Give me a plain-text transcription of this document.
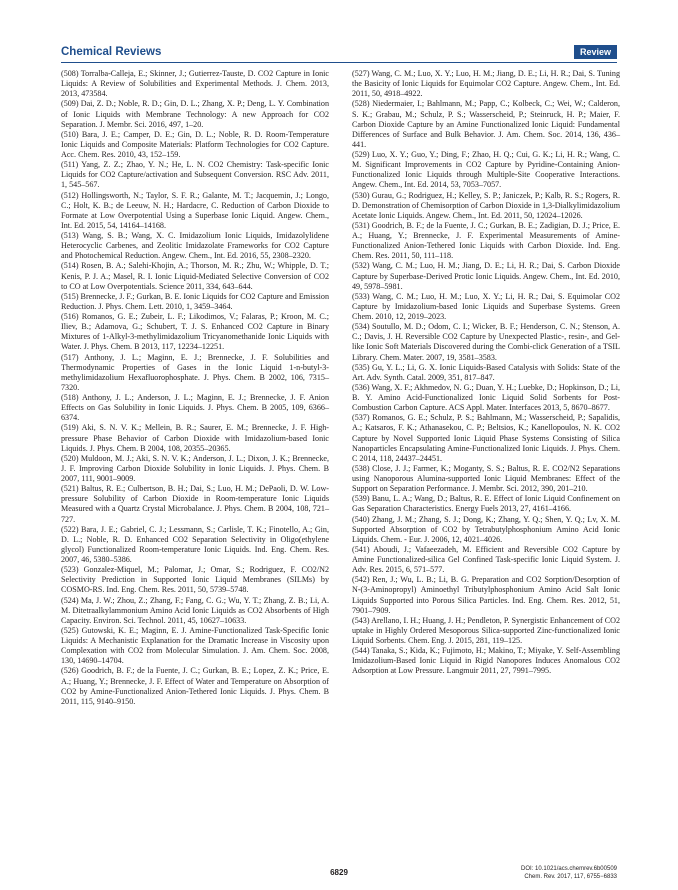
Chemical Reviews	Review

(508) Torralba-Calleja, E.; Skinner, J.; Gutierrez-Tauste, D. CO2 Capture in Ionic Liquids: A Review of Solubilities and Experimental Methods. J. Chem. 2013, 2013, 473584.

(509) Dai, Z. D.; Noble, R. D.; Gin, D. L.; Zhang, X. P.; Deng, L. Y. Combination of Ionic Liquids with Membrane Technology: A new Approach for CO2 Separation. J. Membr. Sci. 2016, 497, 1–20.

(510) Bara, J. E.; Camper, D. E.; Gin, D. L.; Noble, R. D. Room-Temperature Ionic Liquids and Composite Materials: Platform Technologies for CO2 Capture. Acc. Chem. Res. 2010, 43, 152–159.

(511) Yang, Z. Z.; Zhao, Y. N.; He, L. N. CO2 Chemistry: Task-specific Ionic Liquids for CO2 Capture/activation and Subsequent Conversion. RSC Adv. 2011, 1, 545–567.

(512) Hollingsworth, N.; Taylor, S. F. R.; Galante, M. T.; Jacquemin, J.; Longo, C.; Holt, K. B.; de Leeuw, N. H.; Hardacre, C. Reduction of Carbon Dioxide to Formate at Low Overpotential Using a Superbase Ionic Liquid. Angew. Chem., Int. Ed. 2015, 54, 14164–14168.

(513) Wang, S. B.; Wang, X. C. Imidazolium Ionic Liquids, Imidazolylidene Heterocyclic Carbenes, and Zeolitic Imidazolate Frameworks for CO2 Capture and Photochemical Reduction. Angew. Chem., Int. Ed. 2016, 55, 2308–2320.

(514) Rosen, B. A.; Salehi-Khojin, A.; Thorson, M. R.; Zhu, W.; Whipple, D. T.; Kenis, P. J. A.; Masel, R. I. Ionic Liquid-Mediated Selective Conversion of CO2 to CO at Low Overpotentials. Science 2011, 334, 643–644.

(515) Brennecke, J. F.; Gurkan, B. E. Ionic Liquids for CO2 Capture and Emission Reduction. J. Phys. Chem. Lett. 2010, 1, 3459–3464.

(516) Romanos, G. E.; Zubeir, L. F.; Likodimos, V.; Falaras, P.; Kroon, M. C.; Iliev, B.; Adamova, G.; Schubert, T. J. S. Enhanced CO2 Capture in Binary Mixtures of 1-Alkyl-3-methylimidazolium Tricyanomethanide Ionic Liquids with Water. J. Phys. Chem. B 2013, 117, 12234–12251.

(517) Anthony, J. L.; Maginn, E. J.; Brennecke, J. F. Solubilities and Thermodynamic Properties of Gases in the Ionic Liquid 1-n-butyl-3-methylimidazolium Hexafluorophosphate. J. Phys. Chem. B 2002, 106, 7315–7320.

(518) Anthony, J. L.; Anderson, J. L.; Maginn, E. J.; Brennecke, J. F. Anion Effects on Gas Solubility in Ionic Liquids. J. Phys. Chem. B 2005, 109, 6366–6374.

(519) Aki, S. N. V. K.; Mellein, B. R.; Saurer, E. M.; Brennecke, J. F. High-pressure Phase Behavior of Carbon Dioxide with Imidazolium-based Ionic Liquids. J. Phys. Chem. B 2004, 108, 20355–20365.

(520) Muldoon, M. J.; Aki, S. N. V. K.; Anderson, J. L.; Dixon, J. K.; Brennecke, J. F. Improving Carbon Dioxide Solubility in Ionic Liquids. J. Phys. Chem. B 2007, 111, 9001–9009.

(521) Baltus, R. E.; Culbertson, B. H.; Dai, S.; Luo, H. M.; DePaoli, D. W. Low-pressure Solubility of Carbon Dioxide in Room-temperature Ionic Liquids Measured with a Quartz Crystal Microbalance. J. Phys. Chem. B 2004, 108, 721–727.

(522) Bara, J. E.; Gabriel, C. J.; Lessmann, S.; Carlisle, T. K.; Finotello, A.; Gin, D. L.; Noble, R. D. Enhanced CO2 Separation Selectivity in Oligo(ethylene glycol) Functionalized Room-temperature Ionic Liquids. Ind. Eng. Chem. Res. 2007, 46, 5380–5386.

(523) Gonzalez-Miquel, M.; Palomar, J.; Omar, S.; Rodriguez, F. CO2/N2 Selectivity Prediction in Supported Ionic Liquid Membranes (SILMs) by COSMO-RS. Ind. Eng. Chem. Res. 2011, 50, 5739–5748.

(524) Ma, J. W.; Zhou, Z.; Zhang, F.; Fang, C. G.; Wu, Y. T.; Zhang, Z. B.; Li, A. M. Ditetraalkylammonium Amino Acid Ionic Liquids as CO2 Absorbents of High Capacity. Environ. Sci. Technol. 2011, 45, 10627–10633.

(525) Gutowski, K. E.; Maginn, E. J. Amine-Functionalized Task-Specific Ionic Liquids: A Mechanistic Explanation for the Dramatic Increase in Viscosity upon Complexation with CO2 from Molecular Simulation. J. Am. Chem. Soc. 2008, 130, 14690–14704.

(526) Goodrich, B. F.; de la Fuente, J. C.; Gurkan, B. E.; Lopez, Z. K.; Price, E. A.; Huang, Y.; Brennecke, J. F. Effect of Water and Temperature on Absorption of CO2 by Amine-Functionalized Anion-Tethered Ionic Liquids. J. Phys. Chem. B 2011, 115, 9140–9150.

(527) Wang, C. M.; Luo, X. Y.; Luo, H. M.; Jiang, D. E.; Li, H. R.; Dai, S. Tuning the Basicity of Ionic Liquids for Equimolar CO2 Capture. Angew. Chem., Int. Ed. 2011, 50, 4918–4922.

(528) Niedermaier, I.; Bahlmann, M.; Papp, C.; Kolbeck, C.; Wei, W.; Calderon, S. K.; Grabau, M.; Schulz, P. S.; Wasserscheid, P.; Steinruck, H. P.; Maier, F. Carbon Dioxide Capture by an Amine Functionalized Ionic Liquid: Fundamental Differences of Surface and Bulk Behavior. J. Am. Chem. Soc. 2014, 136, 436–441.

(529) Luo, X. Y.; Guo, Y.; Ding, F.; Zhao, H. Q.; Cui, G. K.; Li, H. R.; Wang, C. M. Significant Improvements in CO2 Capture by Pyridine-Containing Anion-Functionalized Ionic Liquids through Multiple-Site Cooperative Interactions. Angew. Chem., Int. Ed. 2014, 53, 7053–7057.

(530) Gurau, G.; Rodriguez, H.; Kelley, S. P.; Janiczek, P.; Kalb, R. S.; Rogers, R. D. Demonstration of Chemisorption of Carbon Dioxide in 1,3-Dialkylimidazolium Acetate Ionic Liquids. Angew. Chem., Int. Ed. 2011, 50, 12024–12026.

(531) Goodrich, B. F.; de la Fuente, J. C.; Gurkan, B. E.; Zadigian, D. J.; Price, E. A.; Huang, Y.; Brennecke, J. F. Experimental Measurements of Amine-Functionalized Anion-Tethered Ionic Liquids with Carbon Dioxide. Ind. Eng. Chem. Res. 2011, 50, 111–118.

(532) Wang, C. M.; Luo, H. M.; Jiang, D. E.; Li, H. R.; Dai, S. Carbon Dioxide Capture by Superbase-Derived Protic Ionic Liquids. Angew. Chem., Int. Ed. 2010, 49, 5978–5981.

(533) Wang, C. M.; Luo, H. M.; Luo, X. Y.; Li, H. R.; Dai, S. Equimolar CO2 Capture by Imidazolium-based Ionic Liquids and Superbase Systems. Green Chem. 2010, 12, 2019–2023.

(534) Soutullo, M. D.; Odom, C. I.; Wicker, B. F.; Henderson, C. N.; Stenson, A. C.; Davis, J. H. Reversible CO2 Capture by Unexpected Plastic-, resin-, and Gel-like Ionic Soft Materials Discovered during the Combi-click Generation of a TSIL Library. Chem. Mater. 2007, 19, 3581–3583.

(535) Gu, Y. L.; Li, G. X. Ionic Liquids-Based Catalysis with Solids: State of the Art. Adv. Synth. Catal. 2009, 351, 817–847.

(536) Wang, X. F.; Akhmedov, N. G.; Duan, Y. H.; Luebke, D.; Hopkinson, D.; Li, B. Y. Amino Acid-Functionalized Ionic Liquid Solid Sorbents for Post-Combustion Carbon Capture. ACS Appl. Mater. Interfaces 2013, 5, 8670–8677.

(537) Romanos, G. E.; Schulz, P. S.; Bahlmann, M.; Wasserscheid, P.; Sapalidis, A.; Katsaros, F. K.; Athanasekou, C. P.; Beltsios, K.; Kanellopoulos, N. K. CO2 Capture by Novel Supported Ionic Liquid Phase Systems Consisting of Silica Nanoparticles Encapsulating Amine-Functionalized Ionic Liquids. J. Phys. Chem. C 2014, 118, 24437–24451.

(538) Close, J. J.; Farmer, K.; Moganty, S. S.; Baltus, R. E. CO2/N2 Separations using Nanoporous Alumina-supported Ionic Liquid Membranes: Effect of the Support on Separation Performance. J. Membr. Sci. 2012, 390, 201–210.

(539) Banu, L. A.; Wang, D.; Baltus, R. E. Effect of Ionic Liquid Confinement on Gas Separation Characteristics. Energy Fuels 2013, 27, 4161–4166.

(540) Zhang, J. M.; Zhang, S. J.; Dong, K.; Zhang, Y. Q.; Shen, Y. Q.; Lv, X. M. Supported Absorption of CO2 by Tetrabutylphosphonium Amino Acid Ionic Liquids. Chem. - Eur. J. 2006, 12, 4021–4026.

(541) Aboudi, J.; Vafaeezadeh, M. Efficient and Reversible CO2 Capture by Amine Functionalized-silica Gel Confined Task-specific Ionic Liquid System. J. Adv. Res. 2015, 6, 571–577.

(542) Ren, J.; Wu, L. B.; Li, B. G. Preparation and CO2 Sorption/Desorption of N-(3-Aminopropyl) Aminoethyl Tributylphosphonium Amino Acid Salt Ionic Liquids Supported into Porous Silica Particles. Ind. Eng. Chem. Res. 2012, 51, 7901–7909.

(543) Arellano, I. H.; Huang, J. H.; Pendleton, P. Synergistic Enhancement of CO2 uptake in Highly Ordered Mesoporous Silica-supported Zinc-functionalized Ionic Liquid Sorbents. Chem. Eng. J. 2015, 281, 119–125.

(544) Tanaka, S.; Kida, K.; Fujimoto, H.; Makino, T.; Miyake, Y. Self-Assembling Imidazolium-Based Ionic Liquid in Rigid Nanopores Induces Anomalous CO2 Adsorption at Low Pressure. Langmuir 2011, 27, 7991–7995.

6829	DOI: 10.1021/acs.chemrev.6b00509
Chem. Rev. 2017, 117, 6755−6833
